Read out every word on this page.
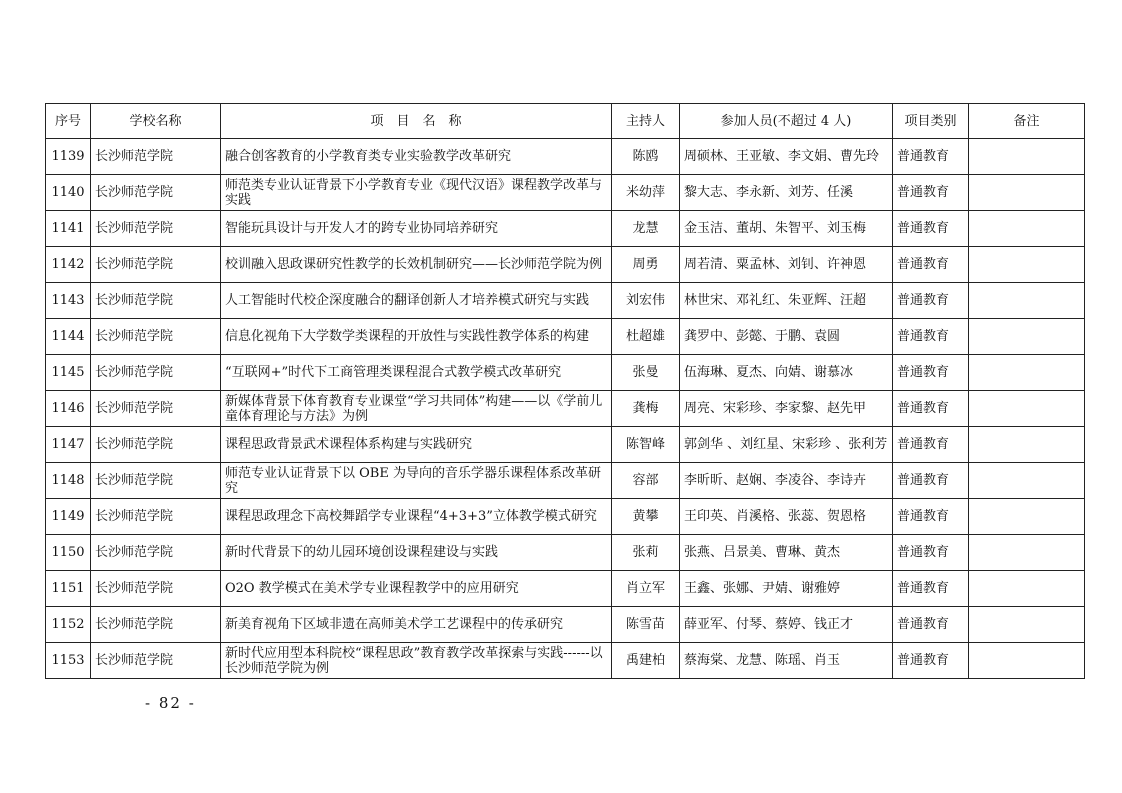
序号	学校名称	项　目　名　称	主持人	参加人员(不超过 4 人)	项目类别	备注
1139	长沙师范学院	融合创客教育的小学教育类专业实验教学改革研究	陈鸥	周硕林、王亚敏、李文娟、曹先玲	普通教育	
1140	长沙师范学院	师范类专业认证背景下小学教育专业《现代汉语》课程教学改革与实践	米幼萍	黎大志、李永新、刘芳、任溪	普通教育	
1141	长沙师范学院	智能玩具设计与开发人才的跨专业协同培养研究	龙慧	金玉洁、董胡、朱智平、刘玉梅	普通教育	
1142	长沙师范学院	校训融入思政课研究性教学的长效机制研究——长沙师范学院为例	周勇	周若清、粟孟林、刘钊、许神恩	普通教育	
1143	长沙师范学院	人工智能时代校企深度融合的翻译创新人才培养模式研究与实践	刘宏伟	林世宋、邓礼红、朱亚辉、汪超	普通教育	
1144	长沙师范学院	信息化视角下大学数学类课程的开放性与实践性教学体系的构建	杜超雄	龚罗中、彭懿、于鹏、袁圆	普通教育	
1145	长沙师范学院	“互联网+”时代下工商管理类课程混合式教学模式改革研究	张曼	伍海琳、夏杰、向婧、谢慕冰	普通教育	
1146	长沙师范学院	新媒体背景下体育教育专业课堂“学习共同体”构建——以《学前儿童体育理论与方法》为例	龚梅	周亮、宋彩珍、李家黎、赵先甲	普通教育	
1147	长沙师范学院	课程思政背景武术课程体系构建与实践研究	陈智峰	郭剑华 、刘红星、宋彩珍 、张利芳	普通教育	
1148	长沙师范学院	师范专业认证背景下以 OBE 为导向的音乐学器乐课程体系改革研究	容部	李昕昕、赵娴、李凌谷、李诗卉	普通教育	
1149	长沙师范学院	课程思政理念下高校舞蹈学专业课程“4+3+3”立体教学模式研究	黄攀	王印英、肖溪格、张蕊、贺恩格	普通教育	
1150	长沙师范学院	新时代背景下的幼儿园环境创设课程建设与实践	张莉	张燕、吕景美、曹琳、黄杰	普通教育	
1151	长沙师范学院	O2O 教学模式在美术学专业课程教学中的应用研究	肖立军	王鑫、张娜、尹婧、谢雅婷	普通教育	
1152	长沙师范学院	新美育视角下区域非遗在高师美术学工艺课程中的传承研究	陈雪苗	薛亚军、付琴、蔡婷、钱正才	普通教育	
1153	长沙师范学院	新时代应用型本科院校“课程思政”教育教学改革探索与实践------以长沙师范学院为例	禹建柏	蔡海棠、龙慧、陈瑶、肖玉	普通教育	
- 82 -
